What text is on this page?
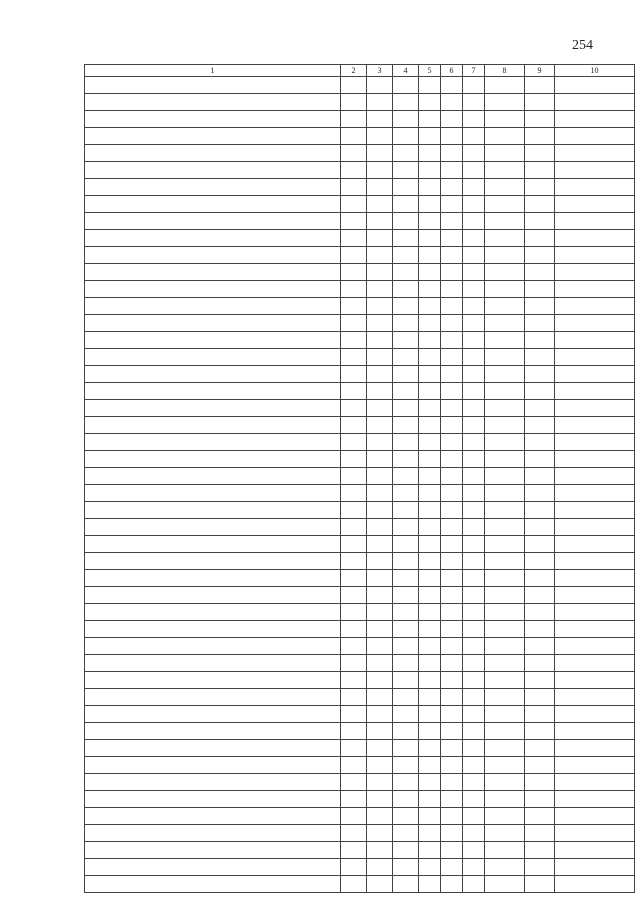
254
1	2	3	4	5	6	7	8	9	10
